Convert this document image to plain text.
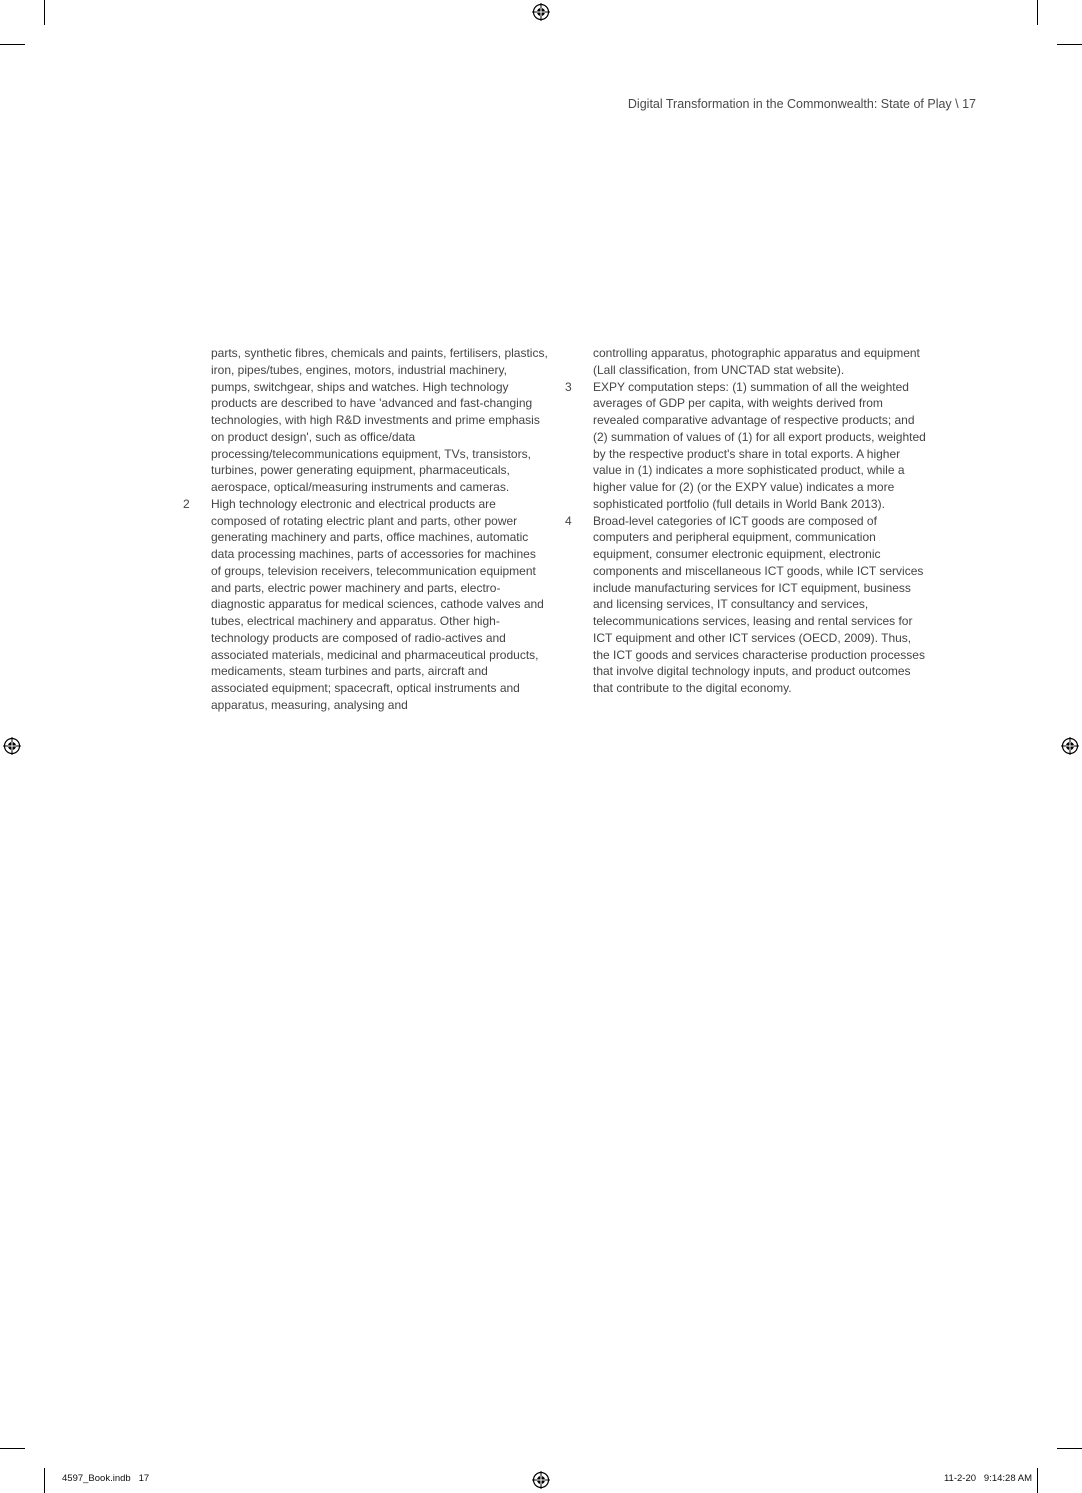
Digital Transformation in the Commonwealth: State of Play \ 17
parts, synthetic fibres, chemicals and paints, fertilisers, plastics, iron, pipes/tubes, engines, motors, industrial machinery, pumps, switchgear, ships and watches. High technology products are described to have 'advanced and fast-changing technologies, with high R&D investments and prime emphasis on product design', such as office/data processing/telecommunications equipment, TVs, transistors, turbines, power generating equipment, pharmaceuticals, aerospace, optical/measuring instruments and cameras.
2	High technology electronic and electrical products are composed of rotating electric plant and parts, other power generating machinery and parts, office machines, automatic data processing machines, parts of accessories for machines of groups, television receivers, telecommunication equipment and parts, electric power machinery and parts, electro-diagnostic apparatus for medical sciences, cathode valves and tubes, electrical machinery and apparatus. Other high-technology products are composed of radio-actives and associated materials, medicinal and pharmaceutical products, medicaments, steam turbines and parts, aircraft and associated equipment; spacecraft, optical instruments and apparatus, measuring, analysing and
controlling apparatus, photographic apparatus and equipment (Lall classification, from UNCTAD stat website).
3	EXPY computation steps: (1) summation of all the weighted averages of GDP per capita, with weights derived from revealed comparative advantage of respective products; and (2) summation of values of (1) for all export products, weighted by the respective product's share in total exports. A higher value in (1) indicates a more sophisticated product, while a higher value for (2) (or the EXPY value) indicates a more sophisticated portfolio (full details in World Bank 2013).
4	Broad-level categories of ICT goods are composed of computers and peripheral equipment, communication equipment, consumer electronic equipment, electronic components and miscellaneous ICT goods, while ICT services include manufacturing services for ICT equipment, business and licensing services, IT consultancy and services, telecommunications services, leasing and rental services for ICT equipment and other ICT services (OECD, 2009). Thus, the ICT goods and services characterise production processes that involve digital technology inputs, and product outcomes that contribute to the digital economy.
4597_Book.indb   17	11-2-20   9:14:28 AM
